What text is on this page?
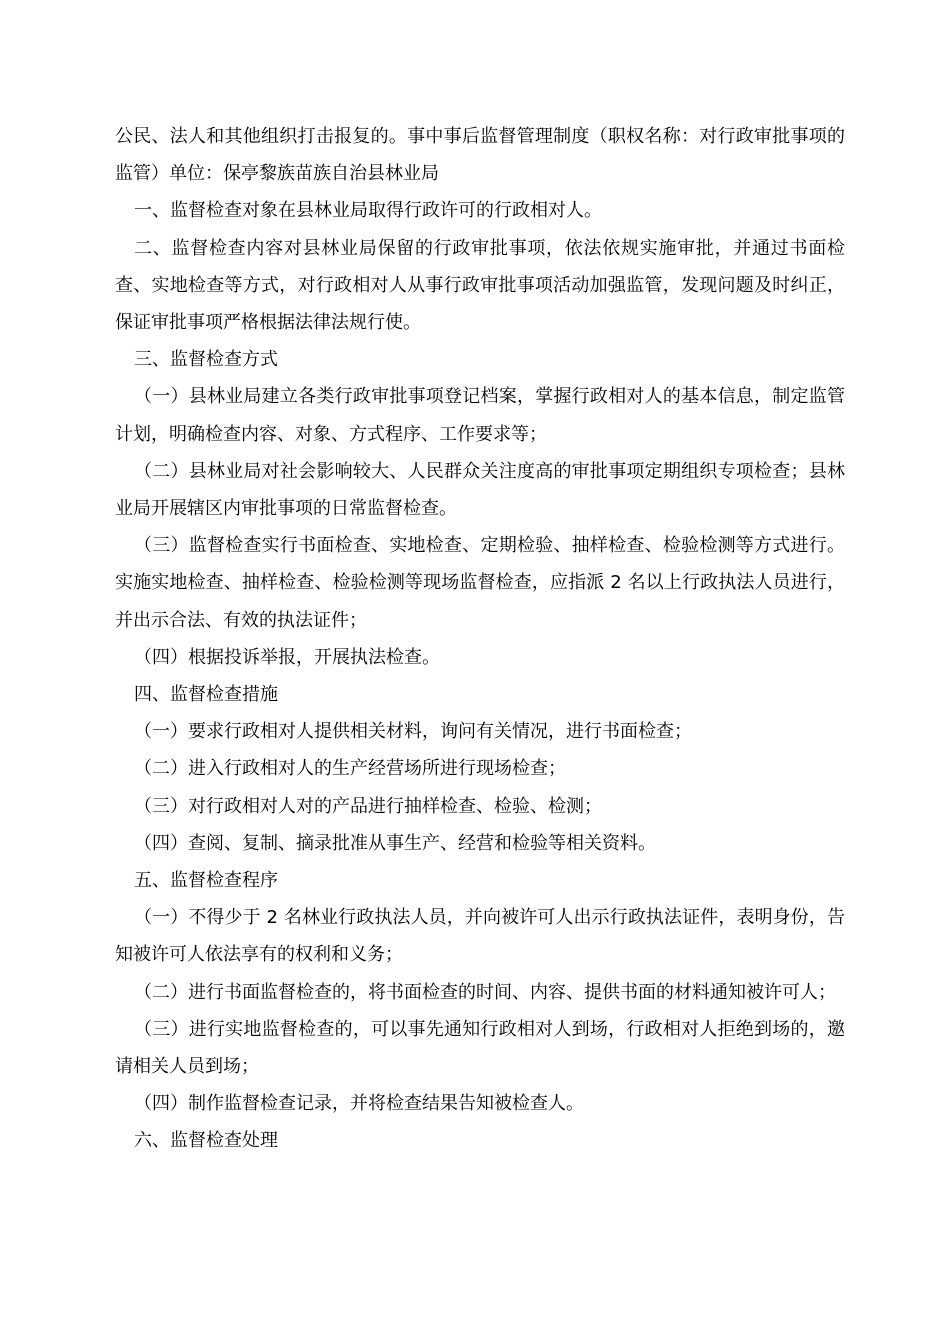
公民、法人和其他组织打击报复的。事中事后监督管理制度（职权名称：对行政审批事项的监管）单位：保亭黎族苗族自治县林业局

一、监督检查对象在县林业局取得行政许可的行政相对人。

二、监督检查内容对县林业局保留的行政审批事项，依法依规实施审批，并通过书面检查、实地检查等方式，对行政相对人从事行政审批事项活动加强监管，发现问题及时纠正，保证审批事项严格根据法律法规行使。

三、监督检查方式

（一）县林业局建立各类行政审批事项登记档案，掌握行政相对人的基本信息，制定监管计划，明确检查内容、对象、方式程序、工作要求等；

（二）县林业局对社会影响较大、人民群众关注度高的审批事项定期组织专项检查；县林业局开展辖区内审批事项的日常监督检查。

（三）监督检查实行书面检查、实地检查、定期检验、抽样检查、检验检测等方式进行。实施实地检查、抽样检查、检验检测等现场监督检查，应指派 2 名以上行政执法人员进行，并出示合法、有效的执法证件；

（四）根据投诉举报，开展执法检查。

四、监督检查措施

（一）要求行政相对人提供相关材料，询问有关情况，进行书面检查；

（二）进入行政相对人的生产经营场所进行现场检查；

（三）对行政相对人对的产品进行抽样检查、检验、检测；

（四）查阅、复制、摘录批准从事生产、经营和检验等相关资料。

五、监督检查程序

（一）不得少于 2 名林业行政执法人员，并向被许可人出示行政执法证件，表明身份，告知被许可人依法享有的权利和义务；

（二）进行书面监督检查的，将书面检查的时间、内容、提供书面的材料通知被许可人；

（三）进行实地监督检查的，可以事先通知行政相对人到场，行政相对人拒绝到场的，邀请相关人员到场；

（四）制作监督检查记录，并将检查结果告知被检查人。

六、监督检查处理
